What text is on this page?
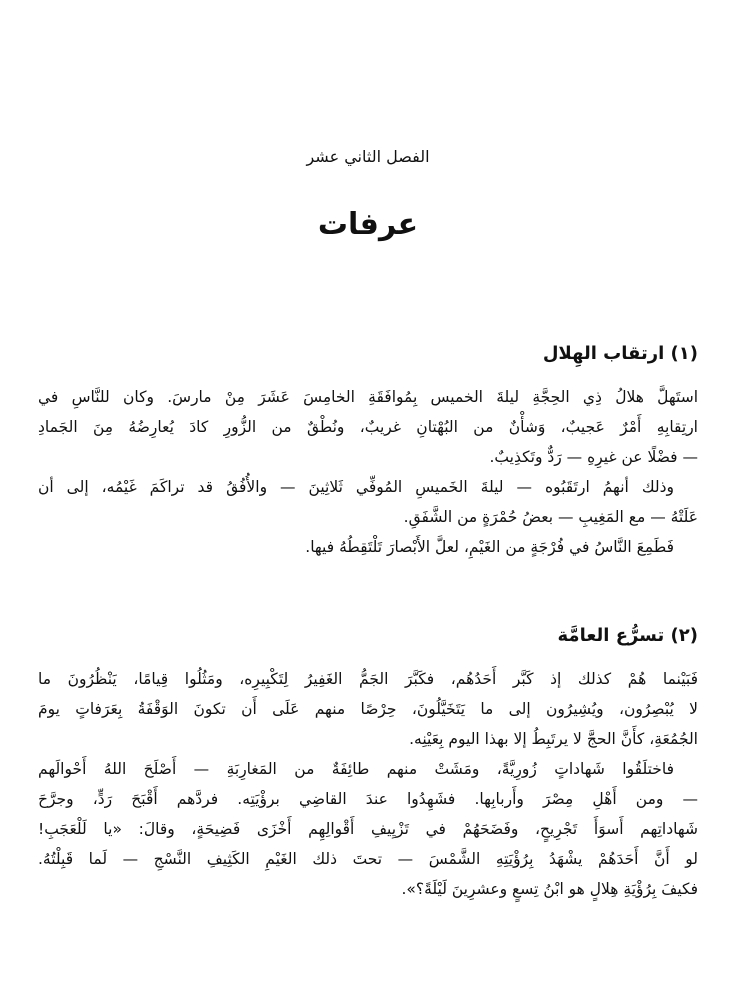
الفصل الثاني عشر
عرفات
(١) ارتقاب الهِلال
استَهلَّ هلالُ ذِي الحِجَّةِ ليلةَ الخميس بِمُوافَقَةِ الخامِسَ عَشَرَ مِنْ مارسَ. وكان للنَّاسِ في
ارتِقابِهِ أَمْرٌ عَجيبٌ، وَشأْنٌ من البُهْتانِ غريبٌ، ونُطْقٌ من الزُّورِ كادَ يُعارِضُهُ مِنَ الجَمادِ
— فضْلًا عن غيرِهِ — رَدٌّ وتَكذِيبٌ.
وذلك أنهمُ ارتَقَبُوه — ليلةَ الخَميسِ المُوفِّي ثَلاثِينَ — والأُفُقُ قد تراكَمَ غَيْمُه، إلى أن
عَلَتْهُ — مع المَغِيبِ — بعضُ حُمْرَةٍ من الشَّفَقِ.
فَطَمِعَ النَّاسُ في فُرْجَةٍ من الغَيْمِ، لعلَّ الأَبْصارَ تَلْتَقِطُهُ فيها.
(٢) تسرُّع العامَّة
فَبَيْنما هُمْ كذلك إذ كَبَّر أَحَدُهُم، فكَبَّرَ الجَمُّ الغَفِيرُ لِتَكْبِيرِه، ومَثُلُوا قِيامًا، يَنْظُرُونَ ما
لا يُبْصِرُون، ويُشِيرُون إلى ما يَتَخَيَّلُونَ، حِرْصًا منهم عَلَى أَن تكونَ الوَقْفَةُ بِعَرَفاتٍ يومَ
الجُمُعَةِ، كأَنَّ الحجَّ لا يرتَبِطُ إلا بهذا اليوم بِعَيْنِه.
فاختلَقُوا شَهاداتٍ زُورِيَّةً، ومَشَتْ منهم طائِفَةٌ من المَغارِبَةِ — أَصْلَحَ اللهُ أَحْوالَهم
— ومن أَهْلِ مِصْرَ وأَربابِها. فشَهِدُوا عندَ القاضِي برؤْيَتِه. فردَّهم أَقْبَحَ رَدٍّ، وجرَّحَ
شَهاداتِهم أَسوَأَ تَجْرِيحٍ، وفَضَحَهُمْ في تَزْيِيفِ أَقْوالِهِم أَخْزَى فَضِيحَةٍ، وقالَ: «يا لَلْعَجَبِ!
لو أَنَّ أَحَدَهُمْ يشْهَدُ بِرُؤْيَتِهِ الشَّمْسَ — تحتَ ذلك الغَيْمِ الكَثِيفِ النَّسْجِ — لَما قَبِلْتُهُ.
فكيفَ بِرُؤْيَةِ هِلالٍ هو ابْنُ تِسعٍ وعشرِينَ لَيْلَةً؟».
